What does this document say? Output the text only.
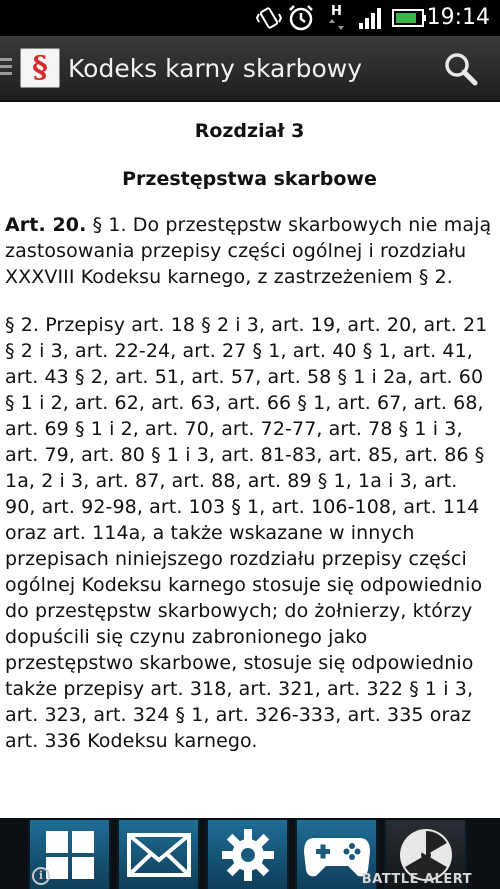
H	19:14
§ Kodeks karny skarbowy
Rozdział 3
Przestępstwa skarbowe

Art. 20. § 1. Do przestępstw skarbowych nie mają zastosowania przepisy części ogólnej i rozdziału XXXVIII Kodeksu karnego, z zastrzeżeniem § 2.

§ 2. Przepisy art. 18 § 2 i 3, art. 19, art. 20, art. 21 § 2 i 3, art. 22-24, art. 27 § 1, art. 40 § 1, art. 41, art. 43 § 2, art. 51, art. 57, art. 58 § 1 i 2a, art. 60 § 1 i 2, art. 62, art. 63, art. 66 § 1, art. 67, art. 68, art. 69 § 1 i 2, art. 70, art. 72-77, art. 78 § 1 i 3, art. 79, art. 80 § 1 i 3, art. 81-83, art. 85, art. 86 § 1a, 2 i 3, art. 87, art. 88, art. 89 § 1, 1a i 3, art. 90, art. 92-98, art. 103 § 1, art. 106-108, art. 114 oraz art. 114a, a także wskazane w innych przepisach niniejszego rozdziału przepisy części ogólnej Kodeksu karnego stosuje się odpowiednio do przestępstw skarbowych; do żołnierzy, którzy dopuścili się czynu zabronionego jako przestępstwo skarbowe, stosuje się odpowiednio także przepisy art. 318, art. 321, art. 322 § 1 i 3, art. 323, art. 324 § 1, art. 326-333, art. 335 oraz art. 336 Kodeksu karnego.

BATTLE ALERT
i
